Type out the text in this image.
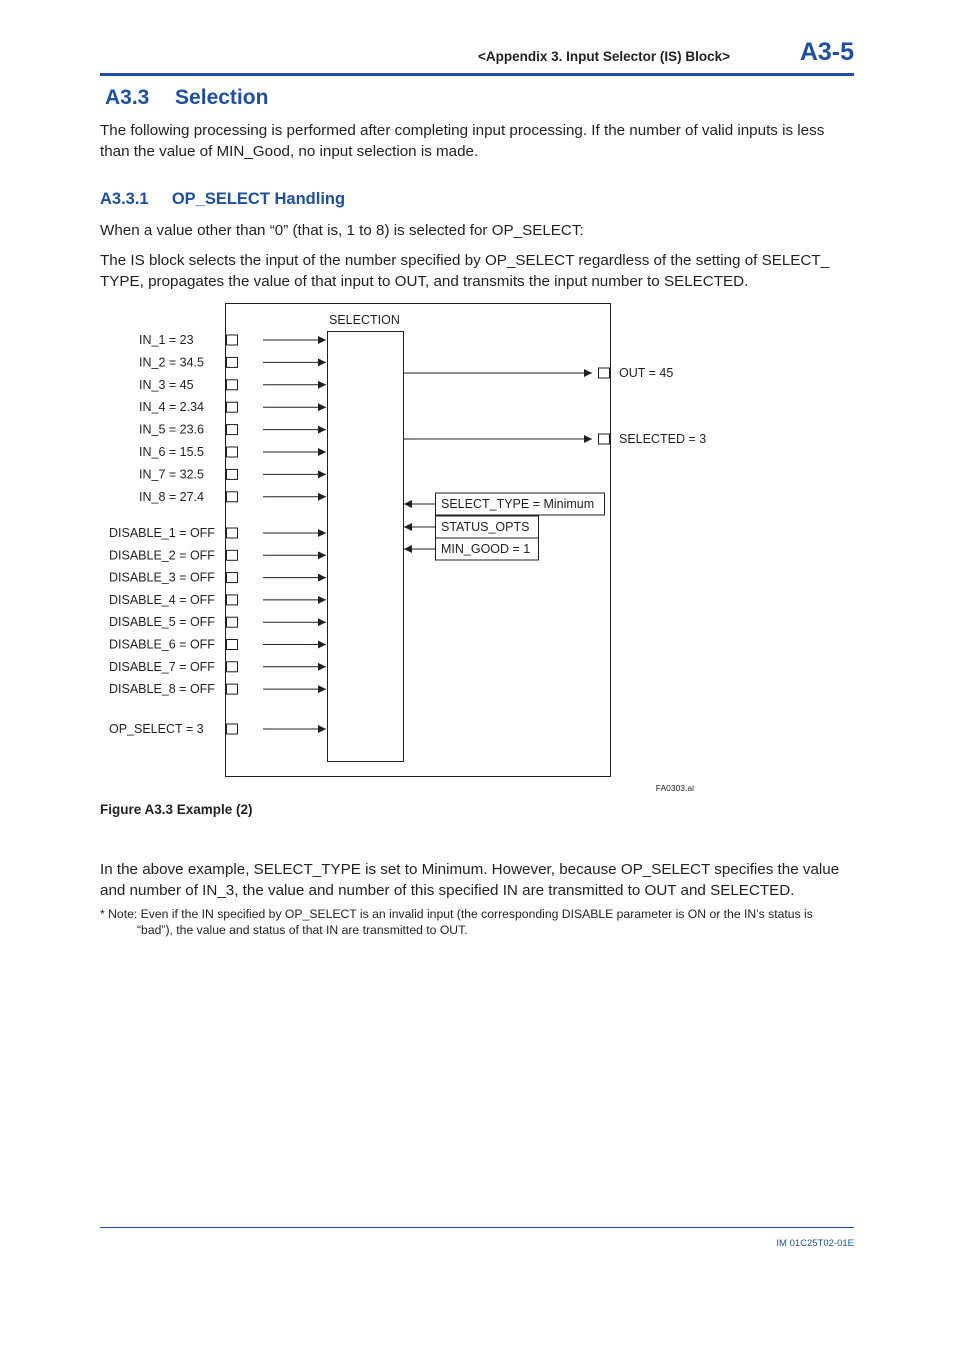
<Appendix 3. Input Selector (IS) Block>	A3-5
A3.3 Selection
The following processing is performed after completing input processing. If the number of valid inputs is less than the value of MIN_Good, no input selection is made.
A3.3.1 OP_SELECT Handling
When a value other than “0” (that is, 1 to 8) is selected for OP_SELECT:
The IS block selects the input of the number specified by OP_SELECT regardless of the setting of SELECT_ TYPE, propagates the value of that input to OUT, and transmits the input number to SELECTED.
SELECTION
IN_1 = 23
IN_2 = 34.5
IN_3 = 45
IN_4 = 2.34
IN_5 = 23.6
IN_6 = 15.5
IN_7 = 32.5
IN_8 = 27.4
DISABLE_1 = OFF
DISABLE_2 = OFF
DISABLE_3 = OFF
DISABLE_4 = OFF
DISABLE_5 = OFF
DISABLE_6 = OFF
DISABLE_7 = OFF
DISABLE_8 = OFF
OP_SELECT = 3
OUT = 45
SELECTED = 3
SELECT_TYPE = Minimum
STATUS_OPTS
MIN_GOOD = 1
FA0303.ai
Figure A3.3 Example (2)
In the above example, SELECT_TYPE is set to Minimum. However, because OP_SELECT specifies the value and number of IN_3, the value and number of this specified IN are transmitted to OUT and SELECTED.
* Note: Even if the IN specified by OP_SELECT is an invalid input (the corresponding DISABLE parameter is ON or the IN’s status is
“bad”), the value and status of that IN are transmitted to OUT.
IM 01C25T02-01E
